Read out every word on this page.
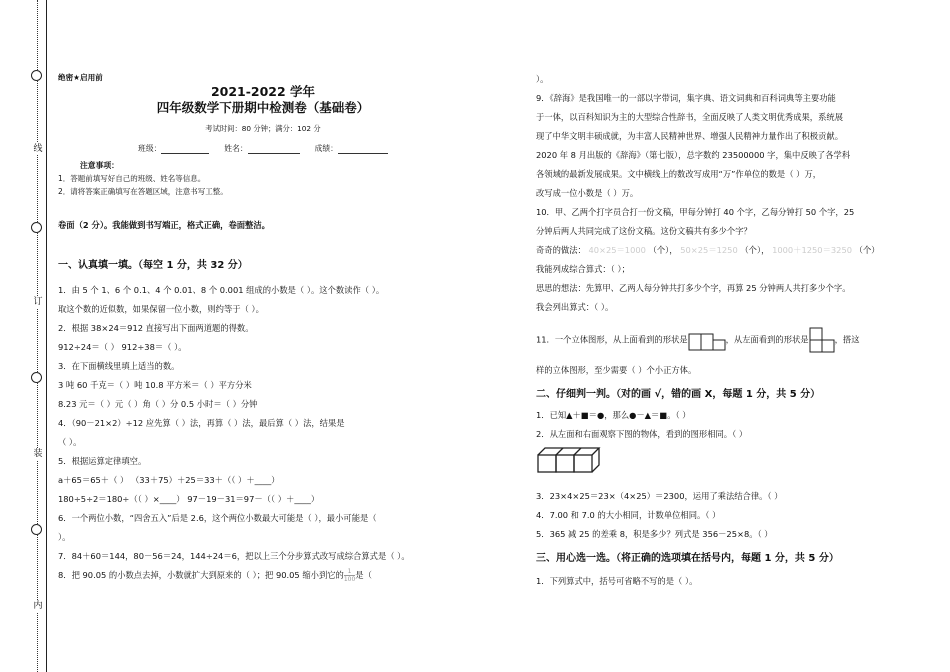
线
订
装
内
绝密★启用前
2021-2022 学年
四年级数学下册期中检测卷（基础卷）
考试时间：80 分钟；满分：102 分
班级：	姓名：	成绩：
注意事项：
1．答题前填写好自己的班级、姓名等信息。
2．请将答案正确填写在答题区域，注意书写工整。
卷面（2 分）。我能做到书写端正，格式正确，卷面整洁。
一、认真填一填。（每空 1 分，共 32 分）
1．由 5 个 1、6 个 0.1、4 个 0.01、8 个 0.001 组成的小数是（ ）。这个数读作（ ）。
取这个数的近似数，如果保留一位小数，则约等于（ ）。
2．根据 38×24＝912 直接写出下面两道题的得数。
912÷24＝（ ） 912÷38＝（ ）。
3．在下面横线里填上适当的数。
3 吨 60 千克＝（ ）吨 10.8 平方米＝（ ）平方分米
8.23 元＝（ ）元（ ）角（ ）分 0.5 小时＝（ ）分钟
4．（90－21×2）÷12 应先算（ ）法，再算（ ）法，最后算（ ）法，结果是
（ ）。
5．根据运算定律填空。
a＋65＝65＋（ ） （33＋75）＋25＝33＋（（ ）＋____）
180÷5÷2＝180÷（（ ）×____） 97－19－31＝97－（（ ）＋____）
6．一个两位小数，“四舍五入”后是 2.6，这个两位小数最大可能是（ ），最小可能是（
）。
7．84＋60＝144，80－56＝24，144÷24＝6，把以上三个分步算式改写成综合算式是（ ）。
8．把 90.05 的小数点去掉，小数就扩大到原来的（ ）；把 90.05 缩小到它的 $\frac{1}{100}$ 是（
）。
9．《辞海》是我国唯一的一部以字带词，集字典、语文词典和百科词典等主要功能
于一体，以百科知识为主的大型综合性辞书，全面反映了人类文明优秀成果，系统展
现了中华文明丰硕成就，为丰富人民精神世界、增强人民精神力量作出了积极贡献。
2020 年 8 月出版的《辞海》（第七版），总字数约 23500000 字，集中反映了各学科
各领域的最新发展成果。文中横线上的数改写成用“万”作单位的数是（ ）万，
改写成一位小数是（ ）万。
10．甲、乙两个打字员合打一份文稿，甲每分钟打 40 个字，乙每分钟打 50 个字，25
分钟后两人共同完成了这份文稿。这份文稿共有多少个字？
奇奇的做法： 40×25＝1000 （个）， 50×25＝1250 （个）， 1000＋1250＝3250 （个）
我能列成综合算式：（ ）；
思思的想法：先算甲、乙两人每分钟共打多少个字，再算 25 分钟两人共打多少个字。
我会列出算式：（ ）。
11．一个立体图形，从上面看到的形状是	，从左面看到的形状是	，搭这
样的立体图形，至少需要（ ）个小正方体。
二、仔细判一判。（对的画 √，错的画 X，每题 1 分，共 5 分）
1．已知▲＋■＝●，那么●－▲＝■。（ ）
2．从左面和右面观察下图的物体，看到的图形相同。（ ）
3．23×4×25＝23×（4×25）＝2300，运用了乘法结合律。（ ）
4．7.00 和 7.0 的大小相同，计数单位相同。（ ）
5．365 减 25 的差乘 8，积是多少？列式是 356－25×8。（ ）
三、用心选一选。（将正确的选项填在括号内，每题 1 分，共 5 分）
1．下列算式中，括号可省略不写的是（ ）。
